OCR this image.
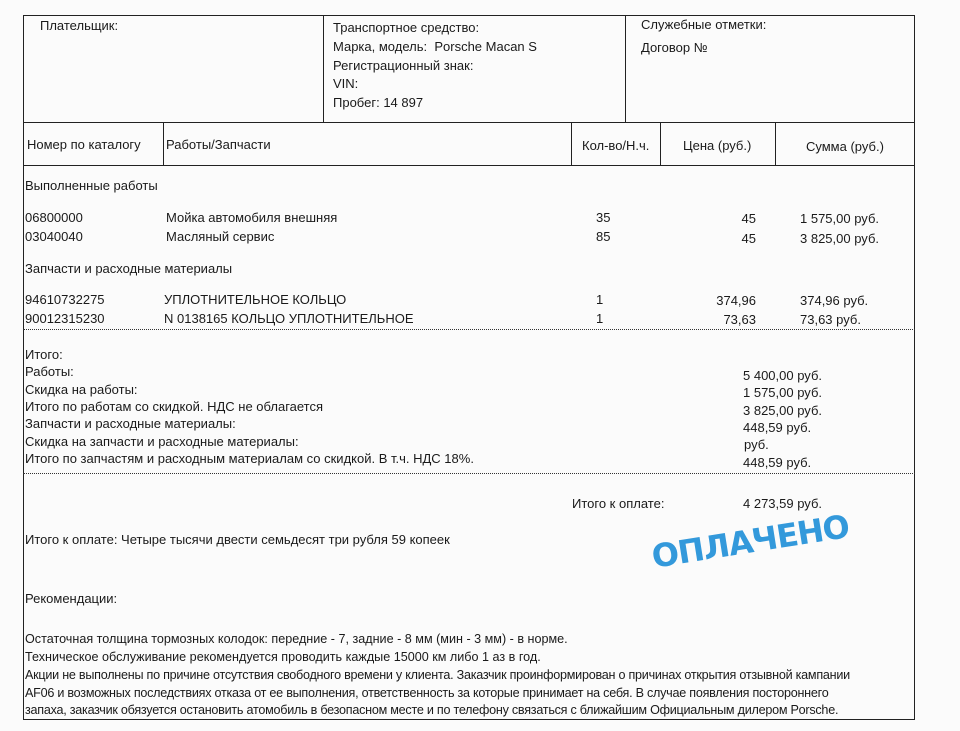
Плательщик:	Транспортное средство:
Марка, модель: Porsche Macan S
Регистрационный знак:
VIN:
Пробег: 14 897
Служебные отметки:
Договор №
Номер по каталогу Работы/Запчасти	Кол-во/Н.ч.	Цена (руб.)	Сумма (руб.)
Выполненные работы
06800000	Мойка автомобиля внешняя	35	45	1 575,00 руб.
03040040	Масляный сервис	85	45	3 825,00 руб.
Запчасти и расходные материалы
94610732275	УПЛОТНИТЕЛЬНОЕ КОЛЬЦО	1	374,96	374,96 руб.
90012315230	N 0138165 КОЛЬЦО УПЛОТНИТЕЛЬНОЕ	1	73,63	73,63 руб.
Итого:
Работы:	5 400,00 руб.
Скидка на работы:	1 575,00 руб.
Итого по работам со скидкой. НДС не облагается	3 825,00 руб.
Запчасти и расходные материалы:	448,59 руб.
Скидка на запчасти и расходные материалы:	руб.
Итого по запчастям и расходным материалам со скидкой. В т.ч. НДС 18%.	448,59 руб.
Итого к оплате:	4 273,59 руб.
Итого к оплате: Четыре тысячи двести семьдесят три рубля 59 копеек	ОПЛАЧЕНО
Рекомендации:
Остаточная толщина тормозных колодок: передние - 7, задние - 8 мм (мин - 3 мм) - в норме.
Техническое обслуживание рекомендуется проводить каждые 15000 км либо 1 аз в год.
Акции не выполнены по причине отсутствия свободного времени у клиента. Заказчик проинформирован о причинах открытия отзывной кампании
AF06 и возможных последствиях отказа от ее выполнения, ответственность за которые принимает на себя. В случае появления постороннего
запаха, заказчик обязуется остановить атомобиль в безопасном месте и по телефону связаться с ближайшим Официальным дилером Porsche.
